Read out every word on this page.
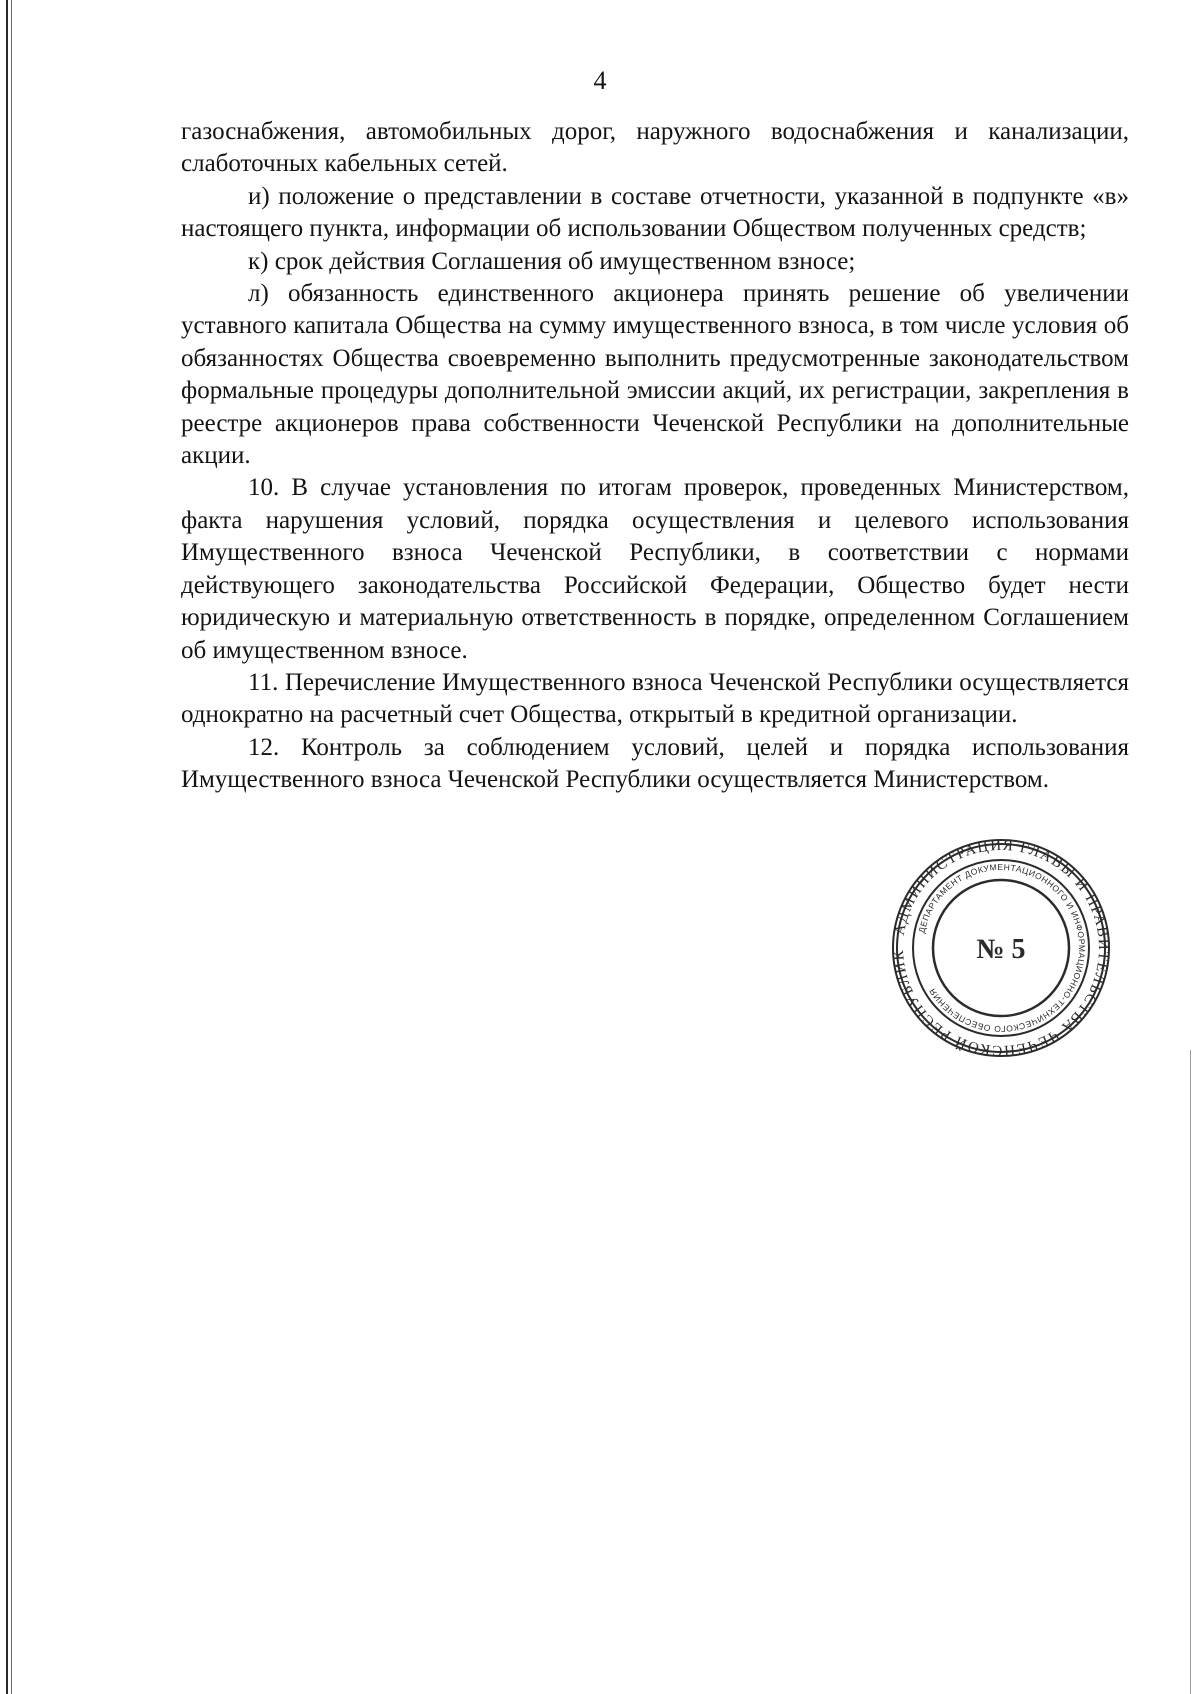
4

газоснабжения, автомобильных дорог, наружного водоснабжения и канализации, слаботочных кабельных сетей.

и) положение о представлении в составе отчетности, указанной в подпункте «в» настоящего пункта, информации об использовании Обществом полученных средств;

к) срок действия Соглашения об имущественном взносе;

л) обязанность единственного акционера принять решение об увеличении уставного капитала Общества на сумму имущественного взноса, в том числе условия об обязанностях Общества своевременно выполнить предусмотренные законодательством формальные процедуры дополнительной эмиссии акций, их регистрации, закрепления в реестре акционеров права собственности Чеченской Республики на дополнительные акции.

10. В случае установления по итогам проверок, проведенных Министерством, факта нарушения условий, порядка осуществления и целевого использования Имущественного взноса Чеченской Республики, в соответствии с нормами действующего законодательства Российской Федерации, Общество будет нести юридическую и материальную ответственность в порядке, определенном Соглашением об имущественном взносе.

11. Перечисление Имущественного взноса Чеченской Республики осуществляется однократно на расчетный счет Общества, открытый в кредитной организации.

12. Контроль за соблюдением условий, целей и порядка использования Имущественного взноса Чеченской Республики осуществляется Министерством.

АДМИНИСТРАЦИЯ ГЛАВЫ И ПРАВИТЕЛЬСТВА ЧЕЧЕНСКОЙ РЕСПУБЛИК
ДЕПАРТАМЕНТ ДОКУМЕНТАЦИОННОГО И ИНФОРМАЦИОННО-ТЕХНИЧЕСКОГО ОБЕСПЕЧЕНИЯ
№ 5
